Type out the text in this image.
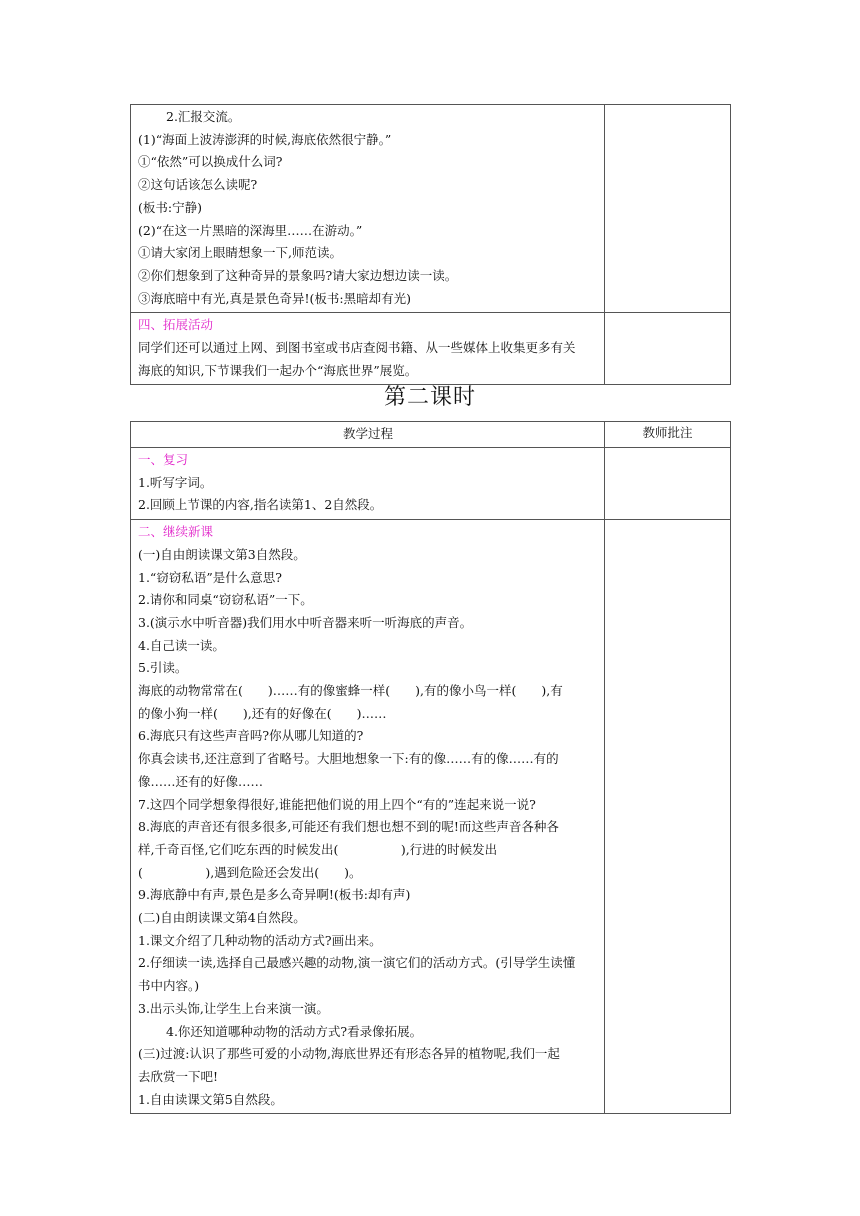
2.汇报交流。
(1)“海面上波涛澎湃的时候,海底依然很宁静。”
①“依然”可以换成什么词?
②这句话该怎么读呢?
(板书:宁静)
(2)“在这一片黑暗的深海里……在游动。”
①请大家闭上眼睛想象一下,师范读。
②你们想象到了这种奇异的景象吗?请大家边想边读一读。
③海底暗中有光,真是景色奇异!(板书:黑暗却有光)
四、拓展活动
同学们还可以通过上网、到图书室或书店查阅书籍、从一些媒体上收集更多有关
海底的知识,下节课我们一起办个“海底世界”展览。
第二课时
教学过程	教师批注
一、复习
1.听写字词。
2.回顾上节课的内容,指名读第1、2自然段。
二、继续新课
(一)自由朗读课文第3自然段。
1.“窃窃私语”是什么意思?
2.请你和同桌“窃窃私语”一下。
3.(演示水中听音器)我们用水中听音器来听一听海底的声音。
4.自己读一读。
5.引读。
海底的动物常常在(　　)……有的像蜜蜂一样(　　),有的像小鸟一样(　　),有
的像小狗一样(　　),还有的好像在(　　)……
6.海底只有这些声音吗?你从哪儿知道的?
你真会读书,还注意到了省略号。大胆地想象一下:有的像……有的像……有的
像……还有的好像……
7.这四个同学想象得很好,谁能把他们说的用上四个“有的”连起来说一说?
8.海底的声音还有很多很多,可能还有我们想也想不到的呢!而这些声音各种各
样,千奇百怪,它们吃东西的时候发出(　　　　　),行进的时候发出
(　　　　　),遇到危险还会发出(　　)。
9.海底静中有声,景色是多么奇异啊!(板书:却有声)
(二)自由朗读课文第4自然段。
1.课文介绍了几种动物的活动方式?画出来。
2.仔细读一读,选择自己最感兴趣的动物,演一演它们的活动方式。(引导学生读懂
书中内容。)
3.出示头饰,让学生上台来演一演。
4.你还知道哪种动物的活动方式?看录像拓展。
(三)过渡:认识了那些可爱的小动物,海底世界还有形态各异的植物呢,我们一起
去欣赏一下吧!
1.自由读课文第5自然段。
